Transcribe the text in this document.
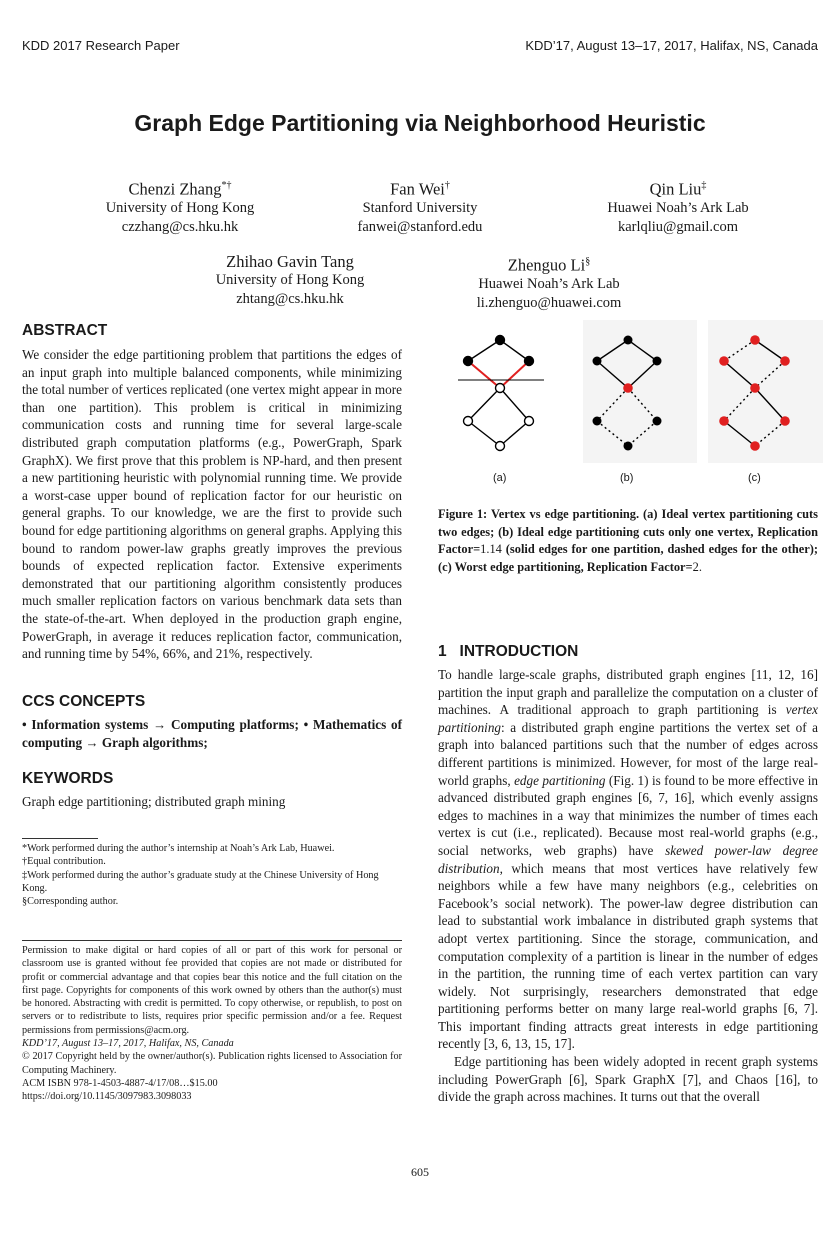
KDD 2017 Research Paper	KDD’17, August 13–17, 2017, Halifax, NS, Canada
Graph Edge Partitioning via Neighborhood Heuristic
Chenzi Zhang*†
University of Hong Kong
czzhang@cs.hku.hk
Fan Wei†
Stanford University
fanwei@stanford.edu
Qin Liu‡
Huawei Noah’s Ark Lab
karlqliu@gmail.com
Zhihao Gavin Tang
University of Hong Kong
zhtang@cs.hku.hk
Zhenguo Li§
Huawei Noah’s Ark Lab
li.zhenguo@huawei.com
ABSTRACT
We consider the edge partitioning problem that partitions the edges of an input graph into multiple balanced components, while minimizing the total number of vertices replicated (one vertex might appear in more than one partition). This problem is critical in minimizing communication costs and running time for several large-scale distributed graph computation platforms (e.g., PowerGraph, Spark GraphX). We first prove that this problem is NP-hard, and then present a new partitioning heuristic with polynomial running time. We provide a worst-case upper bound of replication factor for our heuristic on general graphs. To our knowledge, we are the first to provide such bound for edge partitioning algorithms on general graphs. Applying this bound to random power-law graphs greatly improves the previous bounds of expected replication factor. Extensive experiments demonstrated that our partitioning algorithm consistently produces much smaller replication factors on various benchmark data sets than the state-of-the-art. When deployed in the production graph engine, PowerGraph, in average it reduces replication factor, communication, and running time by 54%, 66%, and 21%, respectively.
CCS CONCEPTS
• Information systems → Computing platforms; • Mathematics of computing → Graph algorithms;
KEYWORDS
Graph edge partitioning; distributed graph mining
*Work performed during the author’s internship at Noah’s Ark Lab, Huawei.
†Equal contribution.
‡Work performed during the author’s graduate study at the Chinese University of Hong Kong.
§Corresponding author.
Permission to make digital or hard copies of all or part of this work for personal or classroom use is granted without fee provided that copies are not made or distributed for profit or commercial advantage and that copies bear this notice and the full citation on the first page. Copyrights for components of this work owned by others than the author(s) must be honored. Abstracting with credit is permitted. To copy otherwise, or republish, to post on servers or to redistribute to lists, requires prior specific permission and/or a fee. Request permissions from permissions@acm.org.
KDD’17, August 13–17, 2017, Halifax, NS, Canada
© 2017 Copyright held by the owner/author(s). Publication rights licensed to Association for Computing Machinery.
ACM ISBN 978-1-4503-4887-4/17/08…$15.00
https://doi.org/10.1145/3097983.3098033
(a)	(b)	(c)
Figure 1: Vertex vs edge partitioning. (a) Ideal vertex partitioning cuts two edges; (b) Ideal edge partitioning cuts only one vertex, Replication Factor=1.14 (solid edges for one partition, dashed edges for the other); (c) Worst edge partitioning, Replication Factor=2.
1   INTRODUCTION

To handle large-scale graphs, distributed graph engines [11, 12, 16] partition the input graph and parallelize the computation on a cluster of machines. A traditional approach to graph partitioning is vertex partitioning: a distributed graph engine partitions the vertex set of a graph into balanced partitions such that the number of edges across different partitions is minimized. However, for most of the large real-world graphs, edge partitioning (Fig. 1) is found to be more effective in advanced distributed graph engines [6, 7, 16], which evenly assigns edges to machines in a way that minimizes the number of times each vertex is cut (i.e., replicated). Because most real-world graphs (e.g., social networks, web graphs) have skewed power-law degree distribution, which means that most vertices have relatively few neighbors while a few have many neighbors (e.g., celebrities on Facebook’s social network). The power-law degree distribution can lead to substantial work imbalance in distributed graph systems that adopt vertex partitioning. Since the storage, communication, and computation complexity of a partition is linear in the number of edges in the partition, the running time of each vertex partition can vary widely. Not surprisingly, researchers demonstrated that edge partitioning performs better on many large real-world graphs [6, 7]. This important finding attracts great interests in edge partitioning recently [3, 6, 13, 15, 17].

Edge partitioning has been widely adopted in recent graph systems including PowerGraph [6], Spark GraphX [7], and Chaos [16], to divide the graph across machines. It turns out that the overall

605
